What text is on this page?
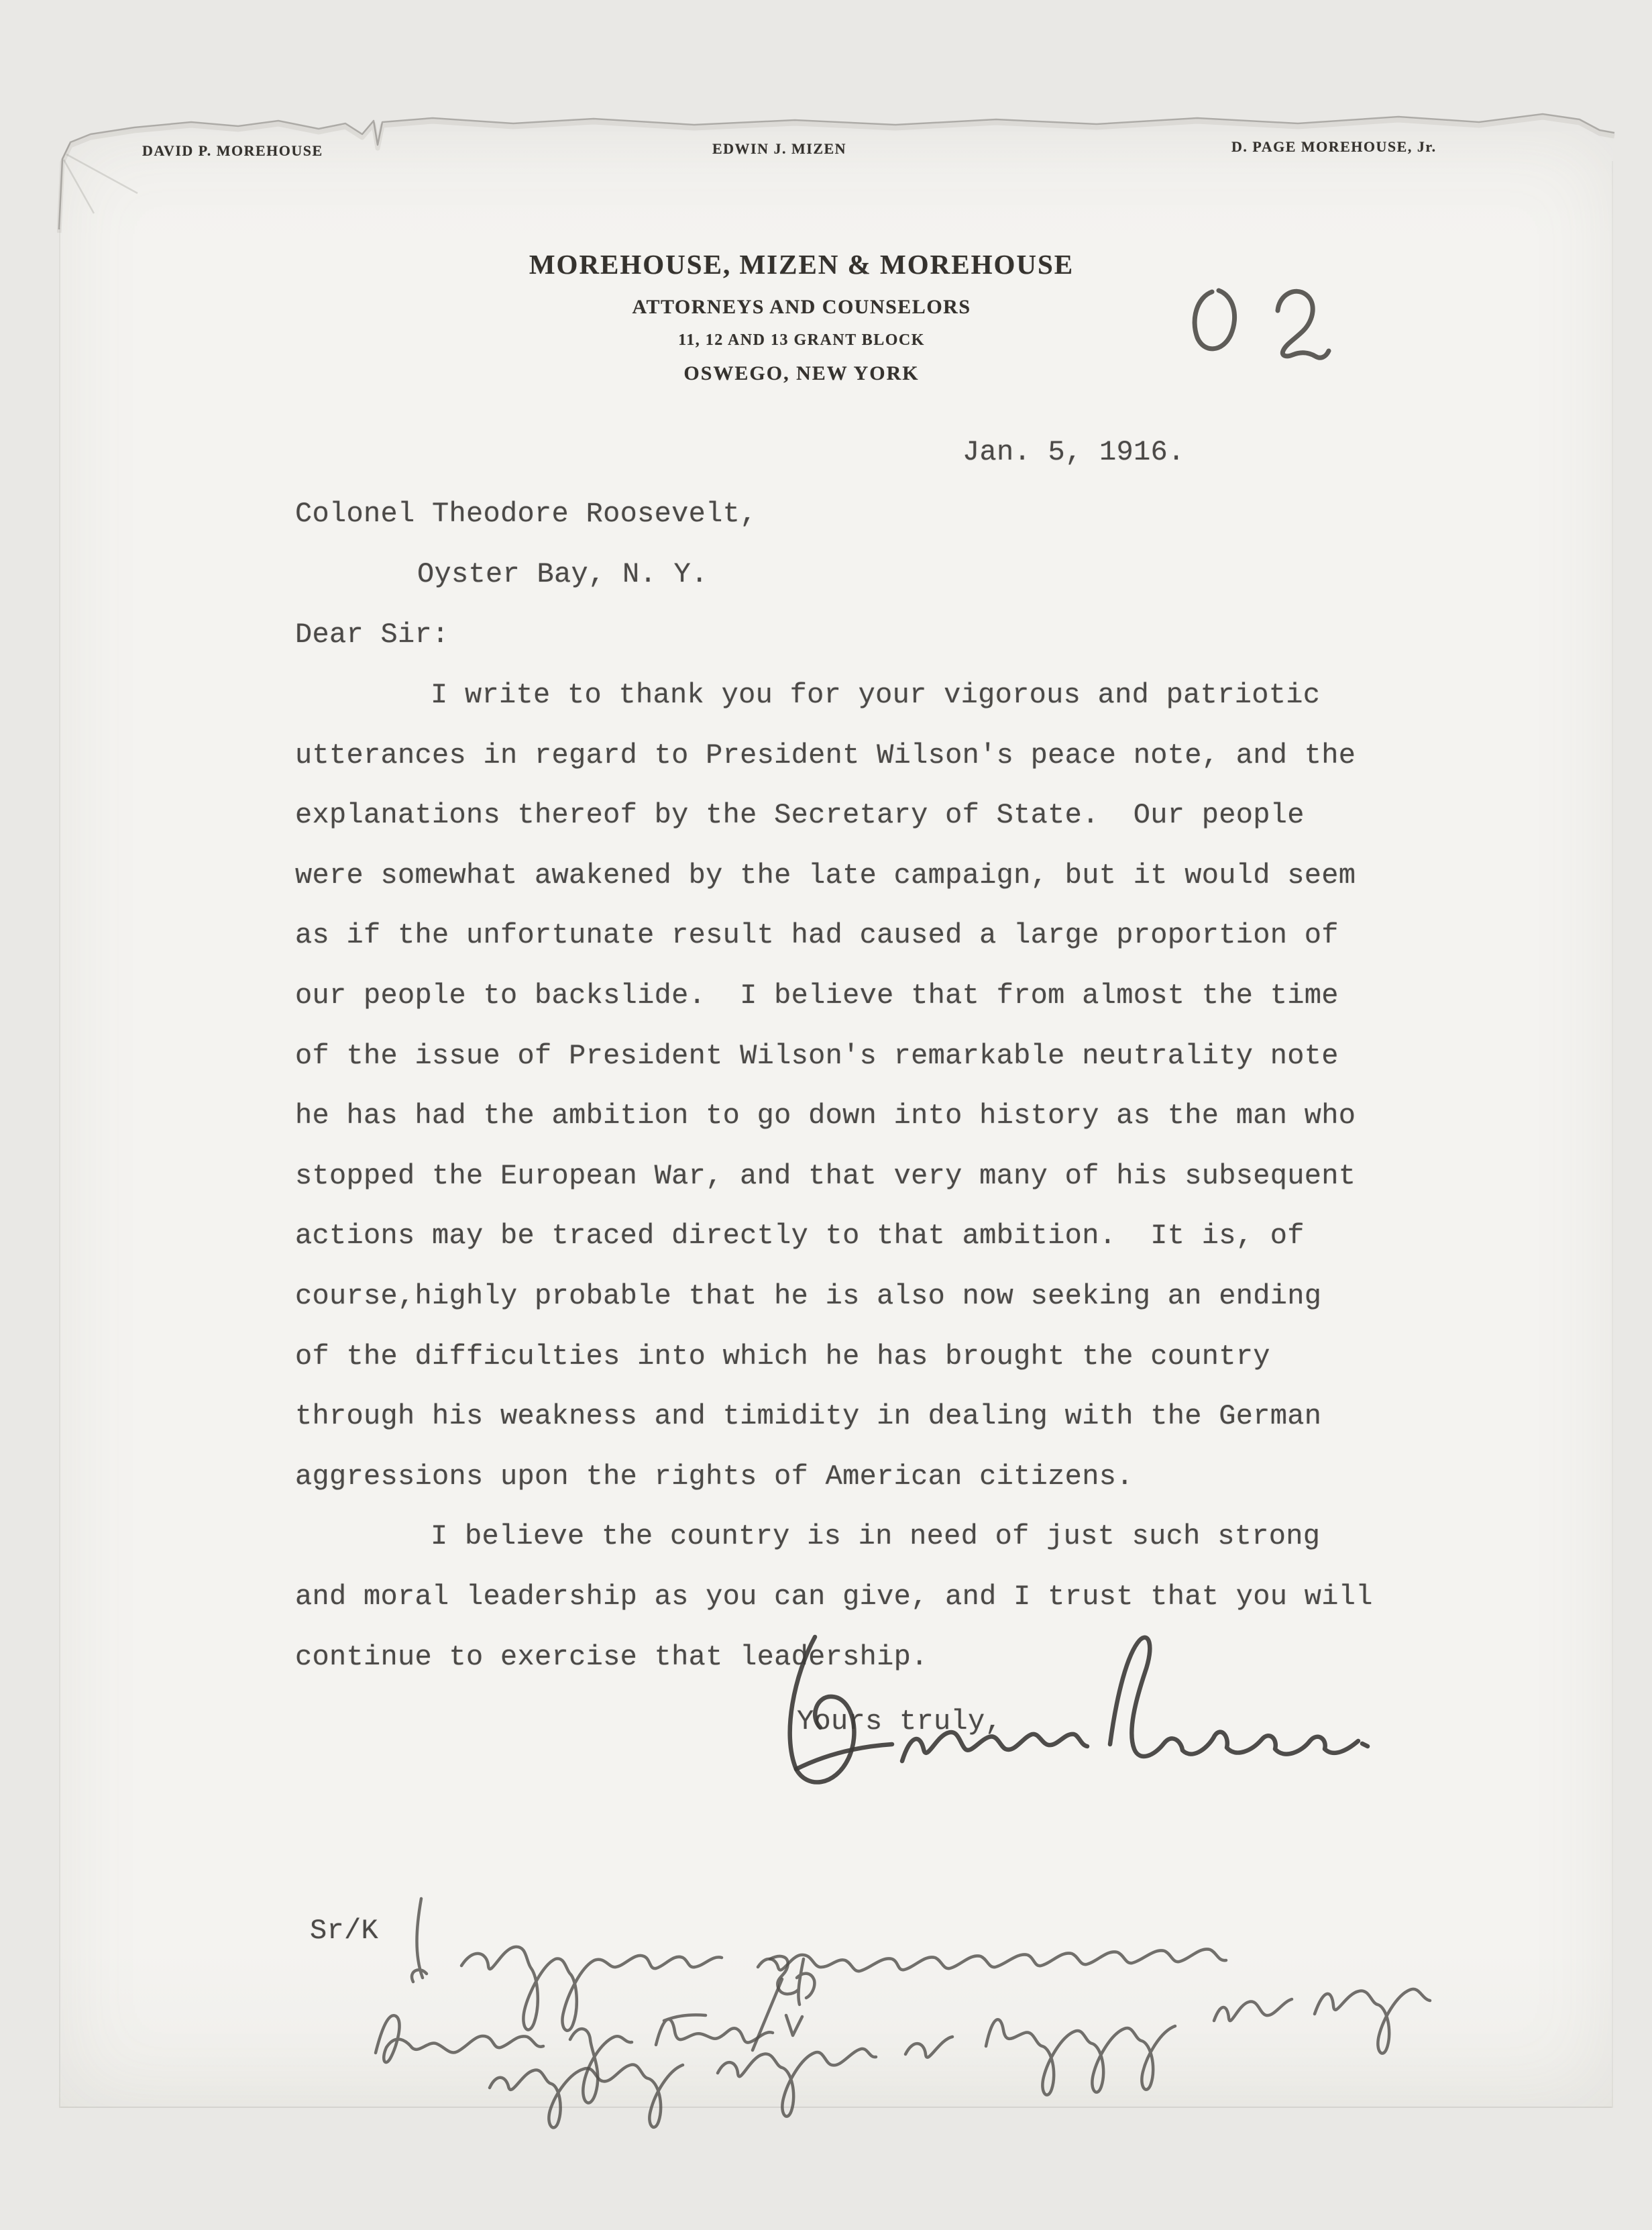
DAVID P. MOREHOUSE	EDWIN J. MIZEN	D. PAGE MOREHOUSE, Jr.
MOREHOUSE, MIZEN & MOREHOUSE
ATTORNEYS AND COUNSELORS
11, 12 AND 13 GRANT BLOCK
OSWEGO, NEW YORK
Jan. 5, 1916.
Colonel Theodore Roosevelt,
Oyster Bay, N. Y.
Dear Sir:
I write to thank you for your vigorous and patriotic
utterances in regard to President Wilson's peace note, and the
explanations thereof by the Secretary of State.  Our people
were somewhat awakened by the late campaign, but it would seem
as if the unfortunate result had caused a large proportion of
our people to backslide.  I believe that from almost the time
of the issue of President Wilson's remarkable neutrality note
he has had the ambition to go down into history as the man who
stopped the European War, and that very many of his subsequent
actions may be traced directly to that ambition.  It is, of
course,highly probable that he is also now seeking an ending
of the difficulties into which he has brought the country
through his weakness and timidity in dealing with the German
aggressions upon the rights of American citizens.
I believe the country is in need of just such strong
and moral leadership as you can give, and I trust that you will
continue to exercise that leadership.
Yours truly,
Sr/K
